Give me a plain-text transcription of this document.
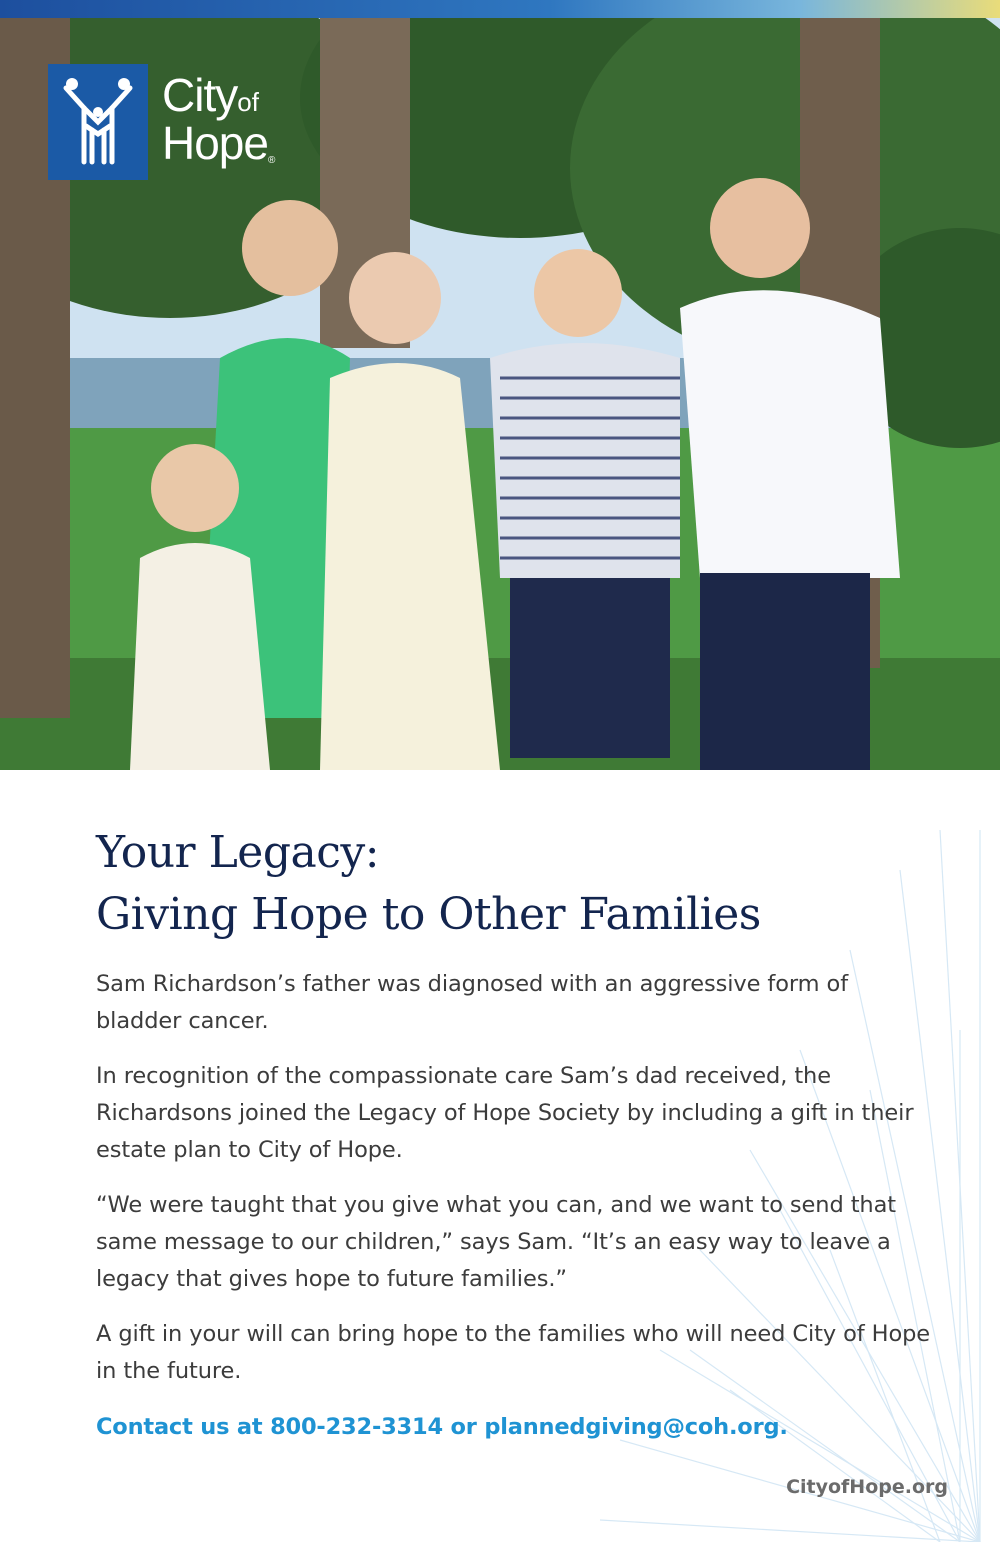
Cityof
Hope®
Your Legacy:
Giving Hope to Other Families

Sam Richardson’s father was diagnosed with an aggressive form of bladder cancer.

In recognition of the compassionate care Sam’s dad received, the Richardsons joined the Legacy of Hope Society by including a gift in their estate plan to City of Hope.

“We were taught that you give what you can, and we want to send that same message to our children,” says Sam. “It’s an easy way to leave a legacy that gives hope to future families.”

A gift in your will can bring hope to the families who will need City of Hope in the future.

Contact us at 800-232-3314 or plannedgiving@coh.org.

CityofHope.org
